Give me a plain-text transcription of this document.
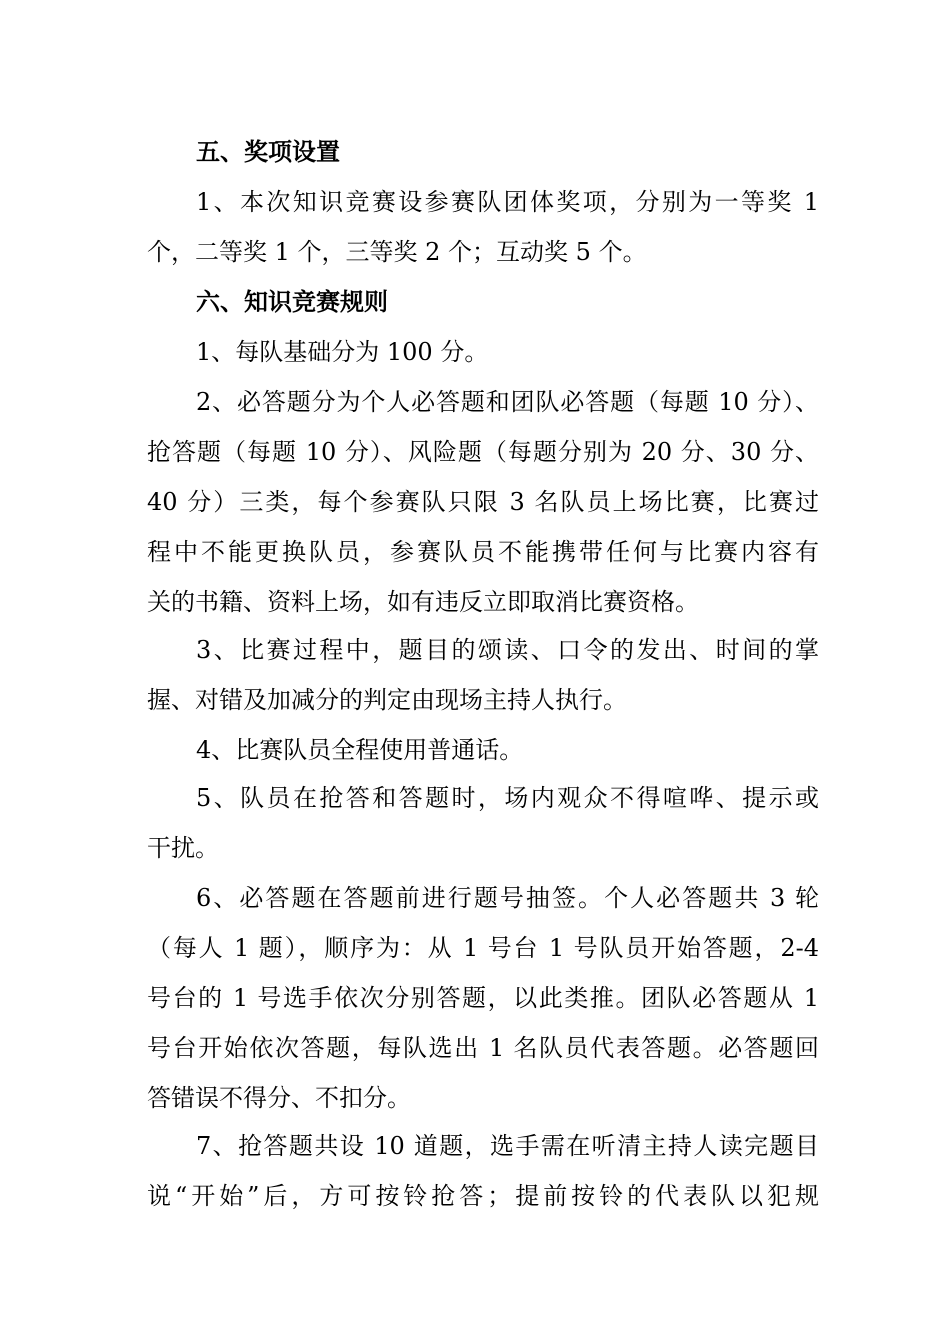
五、奖项设置
1、本次知识竞赛设参赛队团体奖项，分别为一等奖 1
个，二等奖 1 个，三等奖 2 个；互动奖 5 个。
六、知识竞赛规则
1、每队基础分为 100 分。
2、必答题分为个人必答题和团队必答题（每题 10 分）、
抢答题（每题 10 分）、风险题（每题分别为 20 分、30 分、
40 分）三类，每个参赛队只限 3 名队员上场比赛，比赛过
程中不能更换队员，参赛队员不能携带任何与比赛内容有
关的书籍、资料上场，如有违反立即取消比赛资格。
3、比赛过程中，题目的颂读、口令的发出、时间的掌
握、对错及加减分的判定由现场主持人执行。
4、比赛队员全程使用普通话。
5、队员在抢答和答题时，场内观众不得喧哗、提示或
干扰。
6、必答题在答题前进行题号抽签。个人必答题共 3 轮
（每人 1 题），顺序为：从 1 号台 1 号队员开始答题，2-4
号台的 1 号选手依次分别答题，以此类推。团队必答题从 1
号台开始依次答题，每队选出 1 名队员代表答题。必答题回
答错误不得分、不扣分。
7、抢答题共设 10 道题，选手需在听清主持人读完题目
说“开始”后，方可按铃抢答；提前按铃的代表队以犯规
